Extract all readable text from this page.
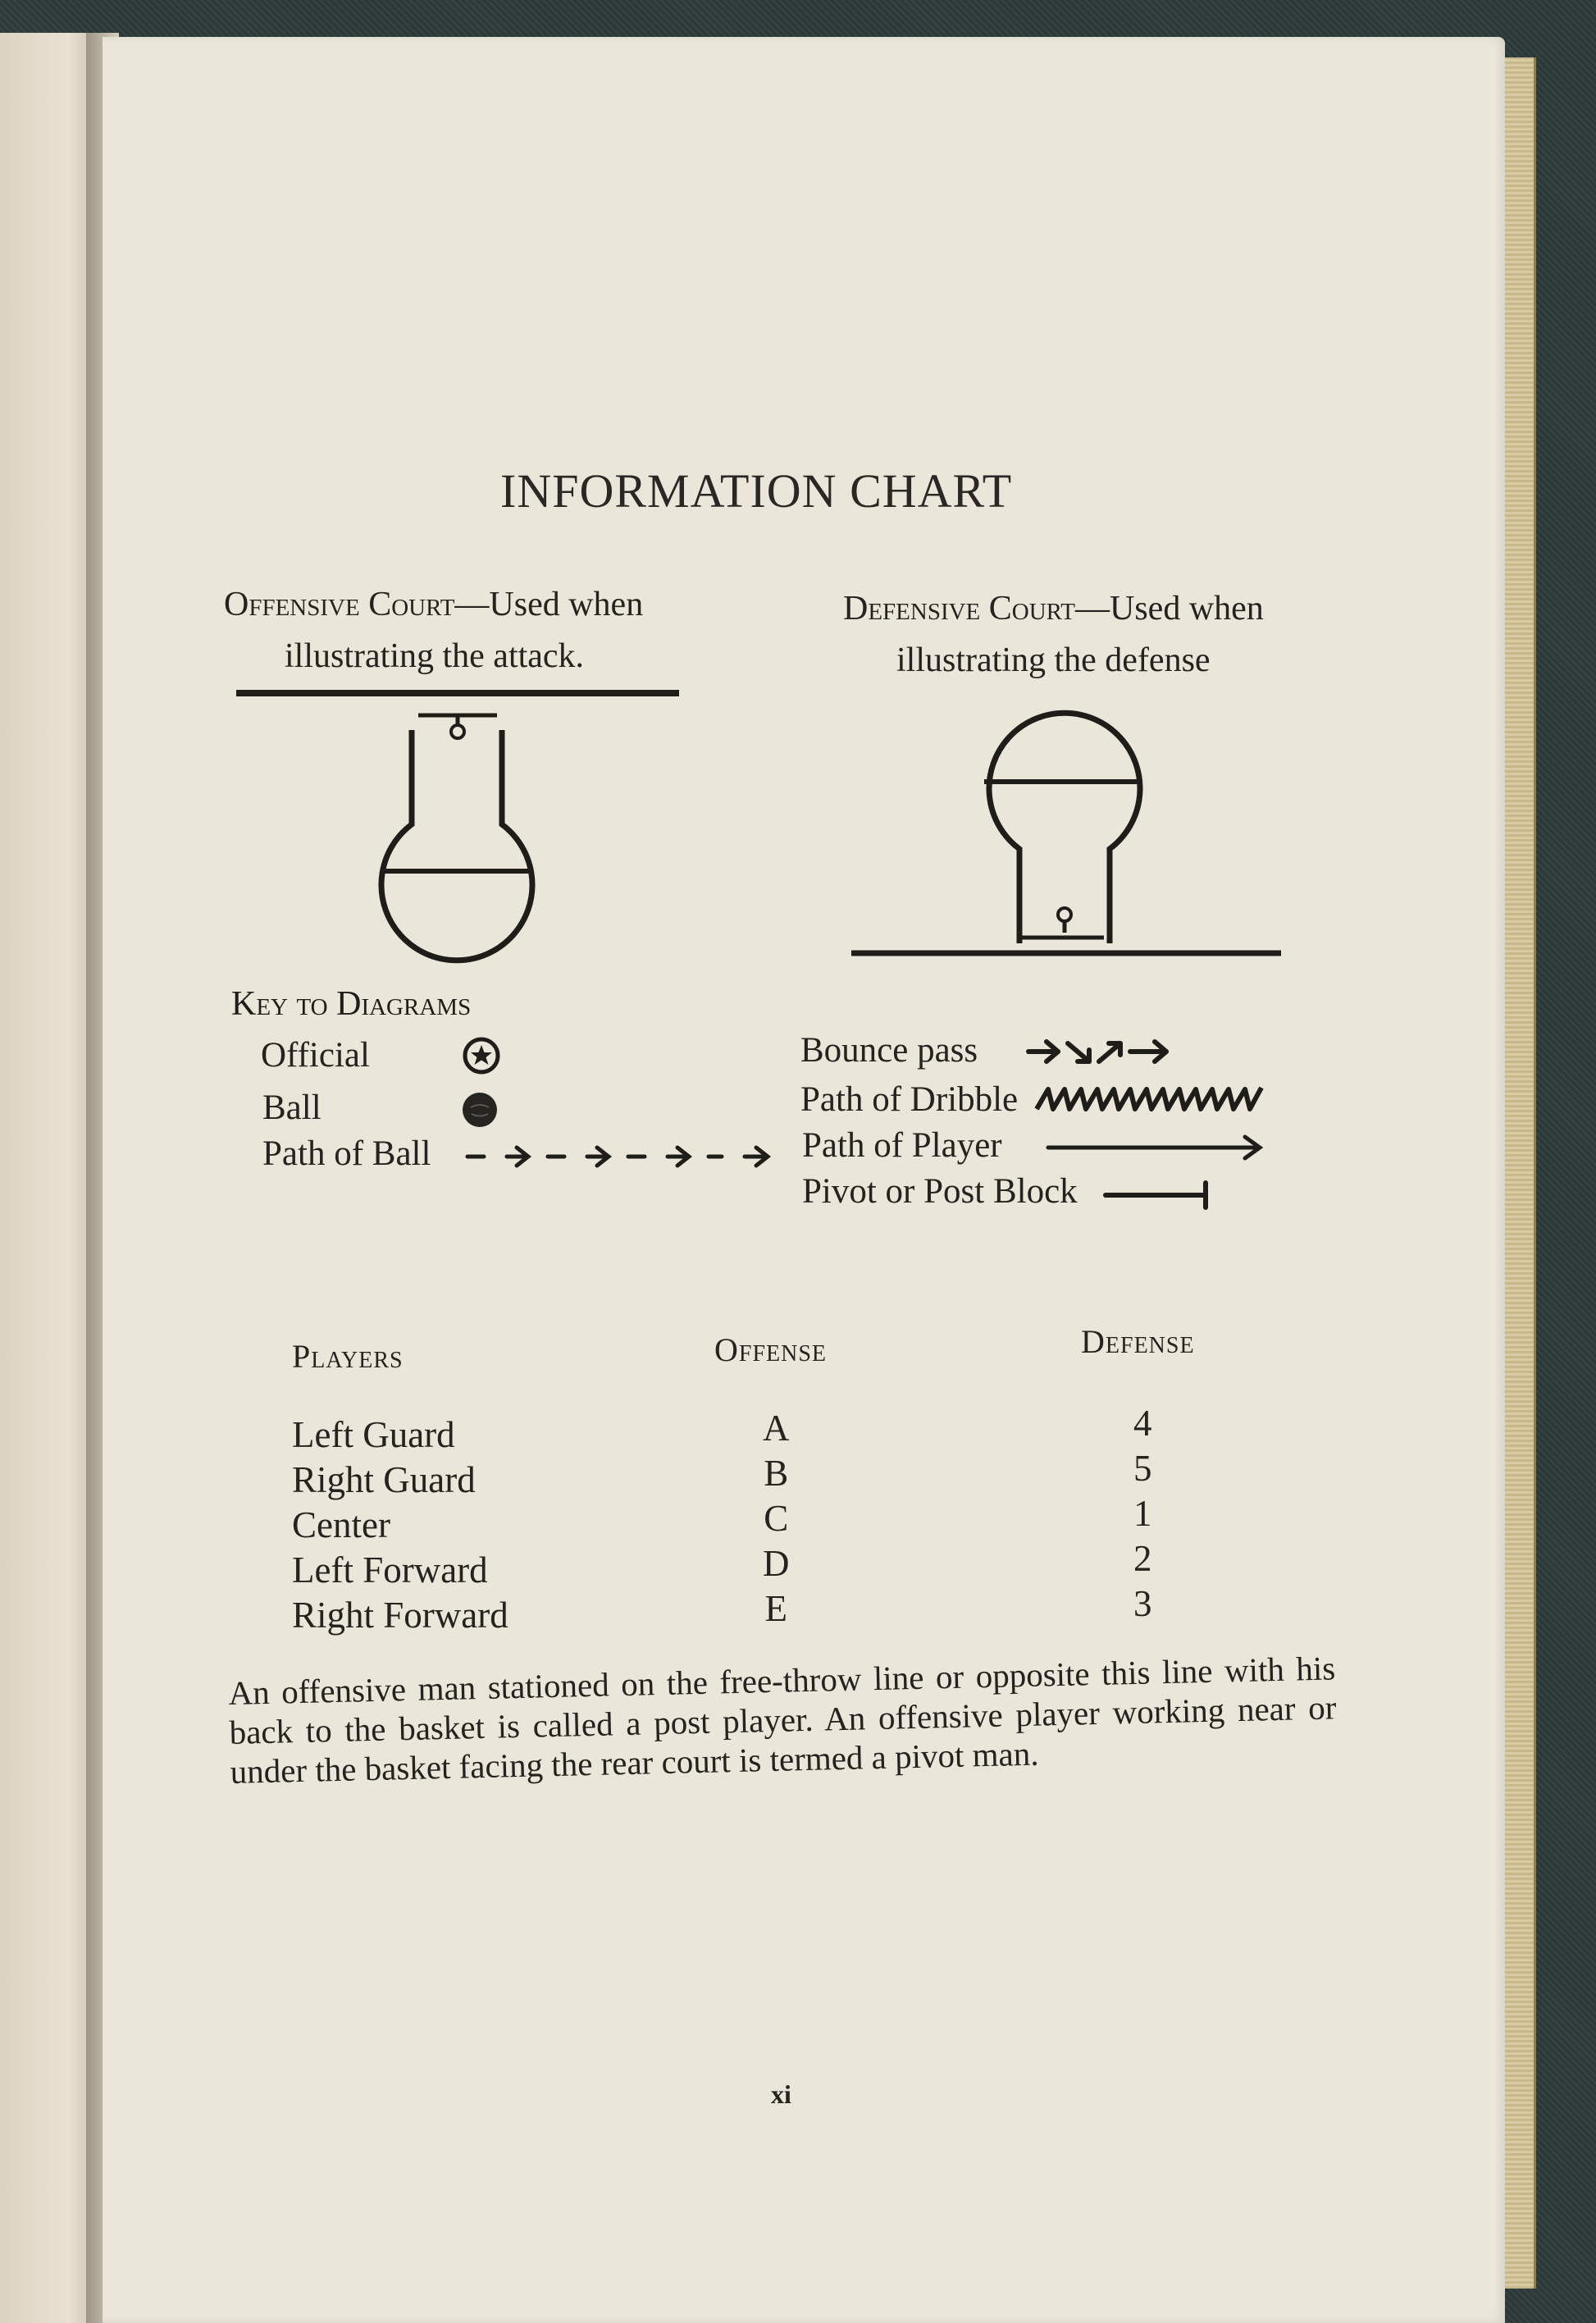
INFORMATION CHART
Offensive Court—Used when
illustrating the attack.
Defensive Court—Used when
illustrating the defense
Key to Diagrams
Official
Ball
Path of Ball
Bounce pass
Path of Dribble
Path of Player
Pivot or Post Block
Players	Offense	Defense
Left Guard
Right Guard
Center
Left Forward
Right Forward
A
B
C
D
E
4
5
1
2
3
An offensive man stationed on the free-throw line or opposite this line with his back to the basket is called a post player. An offensive player working near or under the basket facing the rear court is termed a pivot man.
xi
